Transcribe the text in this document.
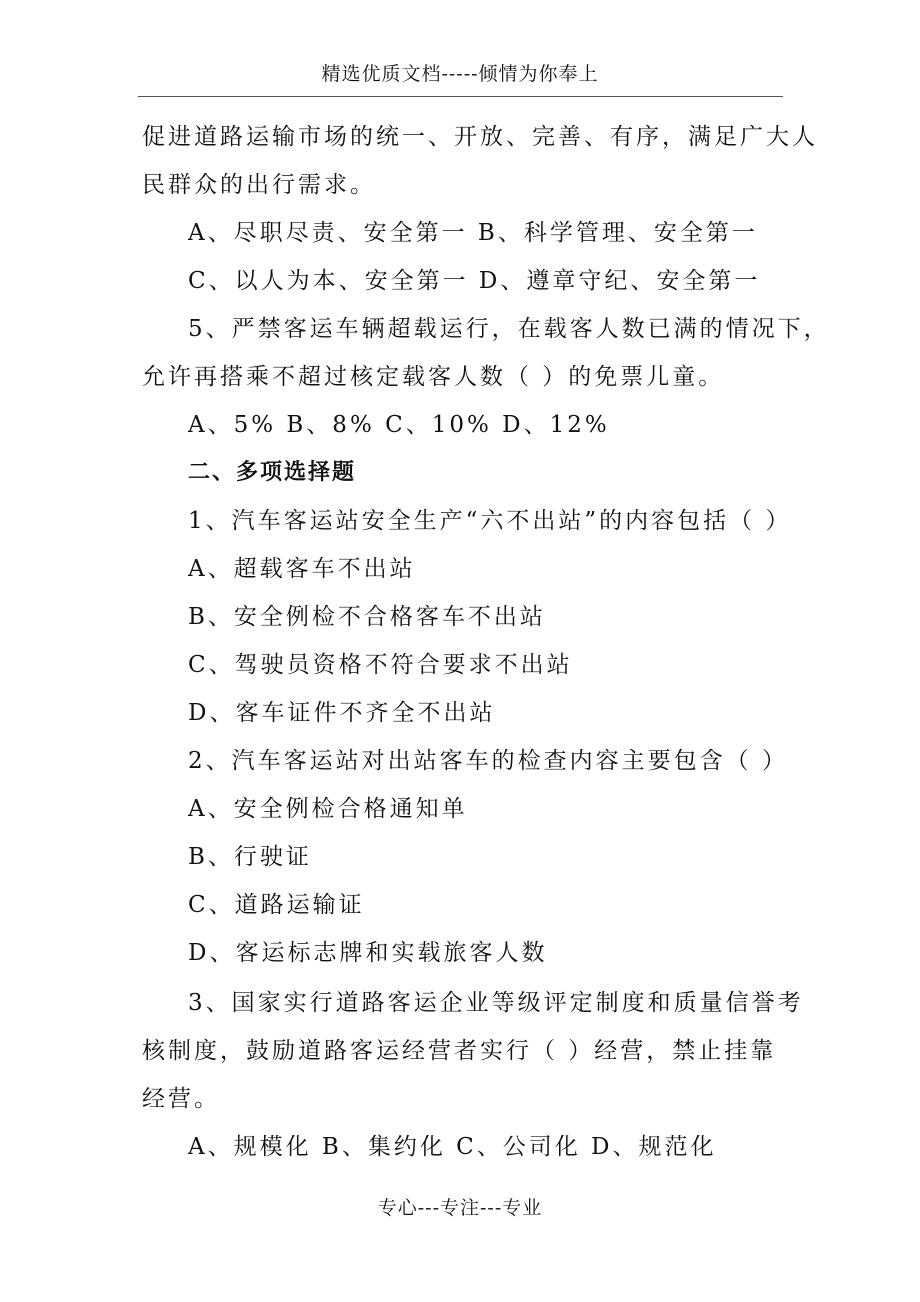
精选优质文档-----倾情为你奉上
促进道路运输市场的统一、开放、完善、有序，满足广大人
民群众的出行需求。
A、尽职尽责、安全第一 B、科学管理、安全第一
C、以人为本、安全第一 D、遵章守纪、安全第一
5、严禁客运车辆超载运行，在载客人数已满的情况下，
允许再搭乘不超过核定载客人数（ ）的免票儿童。
A、5% B、8% C、10% D、12%
二、多项选择题
1、汽车客运站安全生产“六不出站”的内容包括（ ）
A、超载客车不出站
B、安全例检不合格客车不出站
C、驾驶员资格不符合要求不出站
D、客车证件不齐全不出站
2、汽车客运站对出站客车的检查内容主要包含（ ）
A、安全例检合格通知单
B、行驶证
C、道路运输证
D、客运标志牌和实载旅客人数
3、国家实行道路客运企业等级评定制度和质量信誉考
核制度，鼓励道路客运经营者实行（ ）经营，禁止挂靠
经营。
A、规模化 B、集约化 C、公司化 D、规范化
专心---专注---专业
